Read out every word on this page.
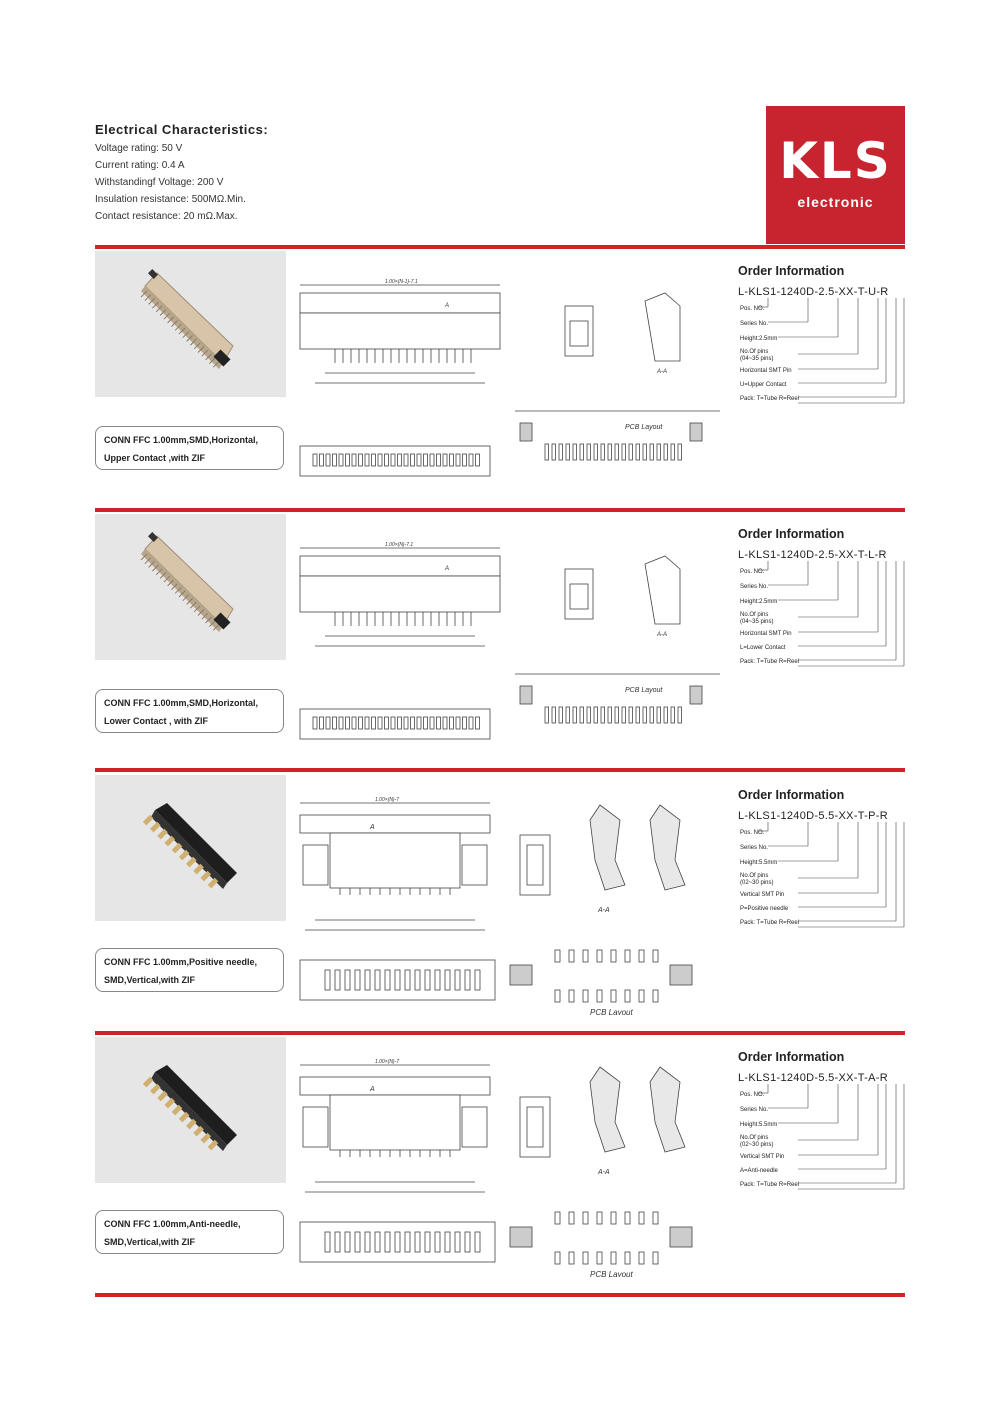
Electrical Characteristics:
Voltage rating: 50 V
Current rating: 0.4 A
Withstandingf Voltage: 200 V
Insulation resistance: 500MΩ.Min.
Contact resistance: 20 mΩ.Max.
KLS
electronic
CONN FFC 1.00mm,SMD,Horizontal,
Upper Contact ,with ZIF
1.00×(N-1)-7.1
A
A-A
PCB Layout
Order Information
L-KLS1-1240D-2.5-XX-T-U-R
Pos. NO.
Series No.
Height:2.5mm
No.Of pins
(04~35 pins)
Horizontal SMT Pin
U=Upper Contact
Pack: T=Tube R=Reel
CONN FFC 1.00mm,SMD,Horizontal,
Lower Contact , with ZIF
1.00×(N)-7.1
A
A-A
PCB Layout
Order Information
L-KLS1-1240D-2.5-XX-T-L-R
Pos. NO.
Series No.
Height:2.5mm
No.Of pins
(04~35 pins)
Horizontal SMT Pin
L=Lower Contact
Pack: T=Tube R=Reel
CONN FFC 1.00mm,Positive needle,
SMD,Vertical,with ZIF
1.00×(N)-7
A
A-A
PCB Layout
Order Information
L-KLS1-1240D-5.5-XX-T-P-R
Pos. NO.
Series No.
Height:5.5mm
No.Of pins
(02~30 pins)
Vertical SMT Pin
P=Positive needle
Pack: T=Tube R=Reel
CONN FFC 1.00mm,Anti-needle,
SMD,Vertical,with ZIF
1.00×(N)-7
A
A-A
PCB Layout
Order Information
L-KLS1-1240D-5.5-XX-T-A-R
Pos. NO.
Series No.
Height:5.5mm
No.Of pins
(02~30 pins)
Vertical SMT Pin
A=Anti-needle
Pack: T=Tube R=Reel
